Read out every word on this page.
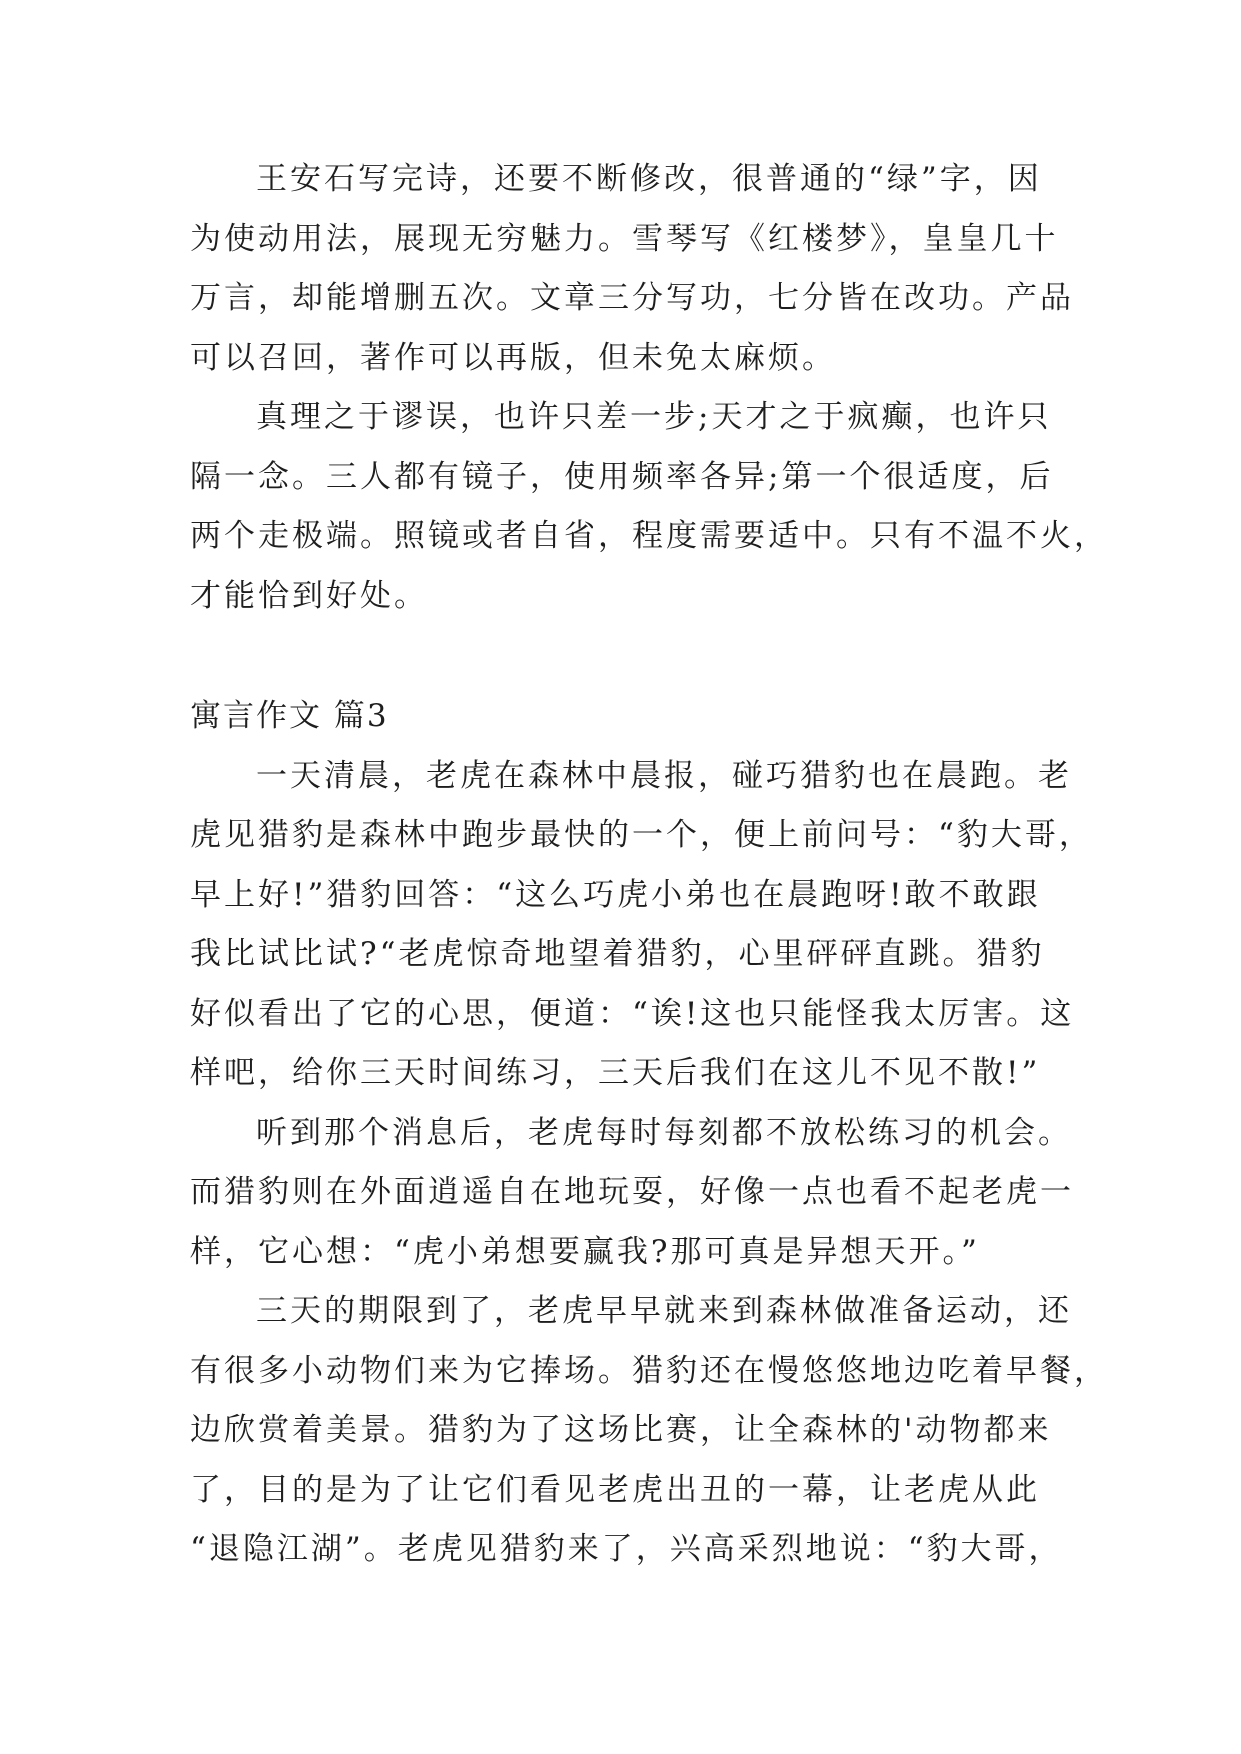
王安石写完诗，还要不断修改，很普通的“绿”字，因
为使动用法，展现无穷魅力。雪琴写《红楼梦》，皇皇几十
万言，却能增删五次。文章三分写功，七分皆在改功。产品
可以召回，著作可以再版，但未免太麻烦。
真理之于谬误，也许只差一步;天才之于疯癫，也许只
隔一念。三人都有镜子，使用频率各异;第一个很适度，后
两个走极端。照镜或者自省，程度需要适中。只有不温不火，
才能恰到好处。
寓言作文 篇3
一天清晨，老虎在森林中晨报，碰巧猎豹也在晨跑。老
虎见猎豹是森林中跑步最快的一个，便上前问号：“豹大哥，
早上好!”猎豹回答：“这么巧虎小弟也在晨跑呀!敢不敢跟
我比试比试?“老虎惊奇地望着猎豹，心里砰砰直跳。猎豹
好似看出了它的心思，便道：“诶!这也只能怪我太厉害。这
样吧，给你三天时间练习，三天后我们在这儿不见不散!”
听到那个消息后，老虎每时每刻都不放松练习的机会。
而猎豹则在外面逍遥自在地玩耍，好像一点也看不起老虎一
样，它心想：“虎小弟想要赢我?那可真是异想天开。”
三天的期限到了，老虎早早就来到森林做准备运动，还
有很多小动物们来为它捧场。猎豹还在慢悠悠地边吃着早餐，
边欣赏着美景。猎豹为了这场比赛，让全森林的'动物都来
了，目的是为了让它们看见老虎出丑的一幕，让老虎从此
“退隐江湖”。老虎见猎豹来了，兴高采烈地说：“豹大哥，
